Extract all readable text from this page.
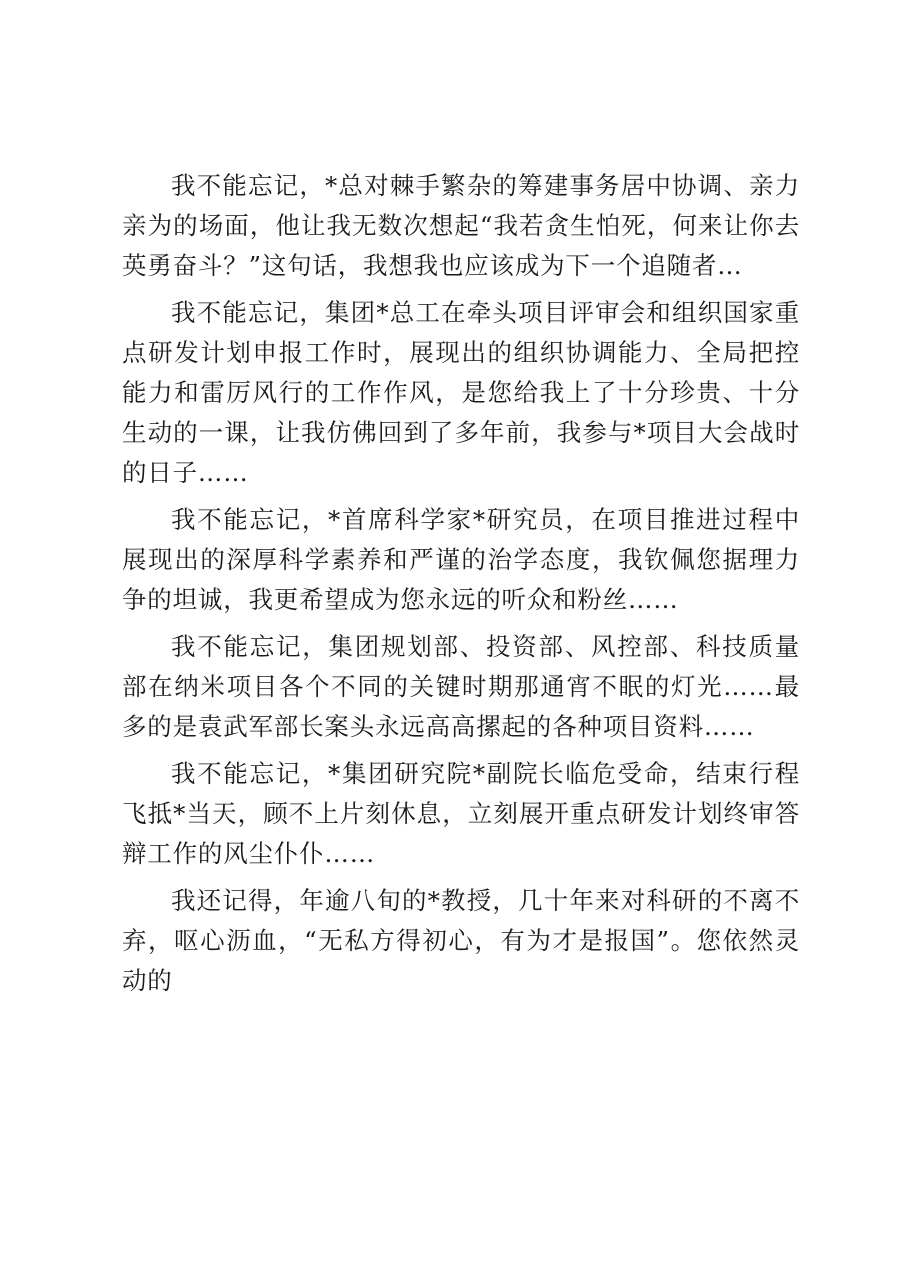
我不能忘记，*总对棘手繁杂的筹建事务居中协调、亲力亲为的场面，他让我无数次想起“我若贪生怕死，何来让你去英勇奋斗？”这句话，我想我也应该成为下一个追随者…

我不能忘记，集团*总工在牵头项目评审会和组织国家重点研发计划申报工作时，展现出的组织协调能力、全局把控能力和雷厉风行的工作作风，是您给我上了十分珍贵、十分生动的一课，让我仿佛回到了多年前，我参与*项目大会战时的日子……

我不能忘记，*首席科学家*研究员，在项目推进过程中展现出的深厚科学素养和严谨的治学态度，我钦佩您据理力争的坦诚，我更希望成为您永远的听众和粉丝……

我不能忘记，集团规划部、投资部、风控部、科技质量部在纳米项目各个不同的关键时期那通宵不眠的灯光……最多的是袁武军部长案头永远高高摞起的各种项目资料……

我不能忘记，*集团研究院*副院长临危受命，结束行程飞抵*当天，顾不上片刻休息，立刻展开重点研发计划终审答辩工作的风尘仆仆……

我还记得，年逾八旬的*教授，几十年来对科研的不离不弃，呕心沥血，“无私方得初心，有为才是报国”。您依然灵动的
